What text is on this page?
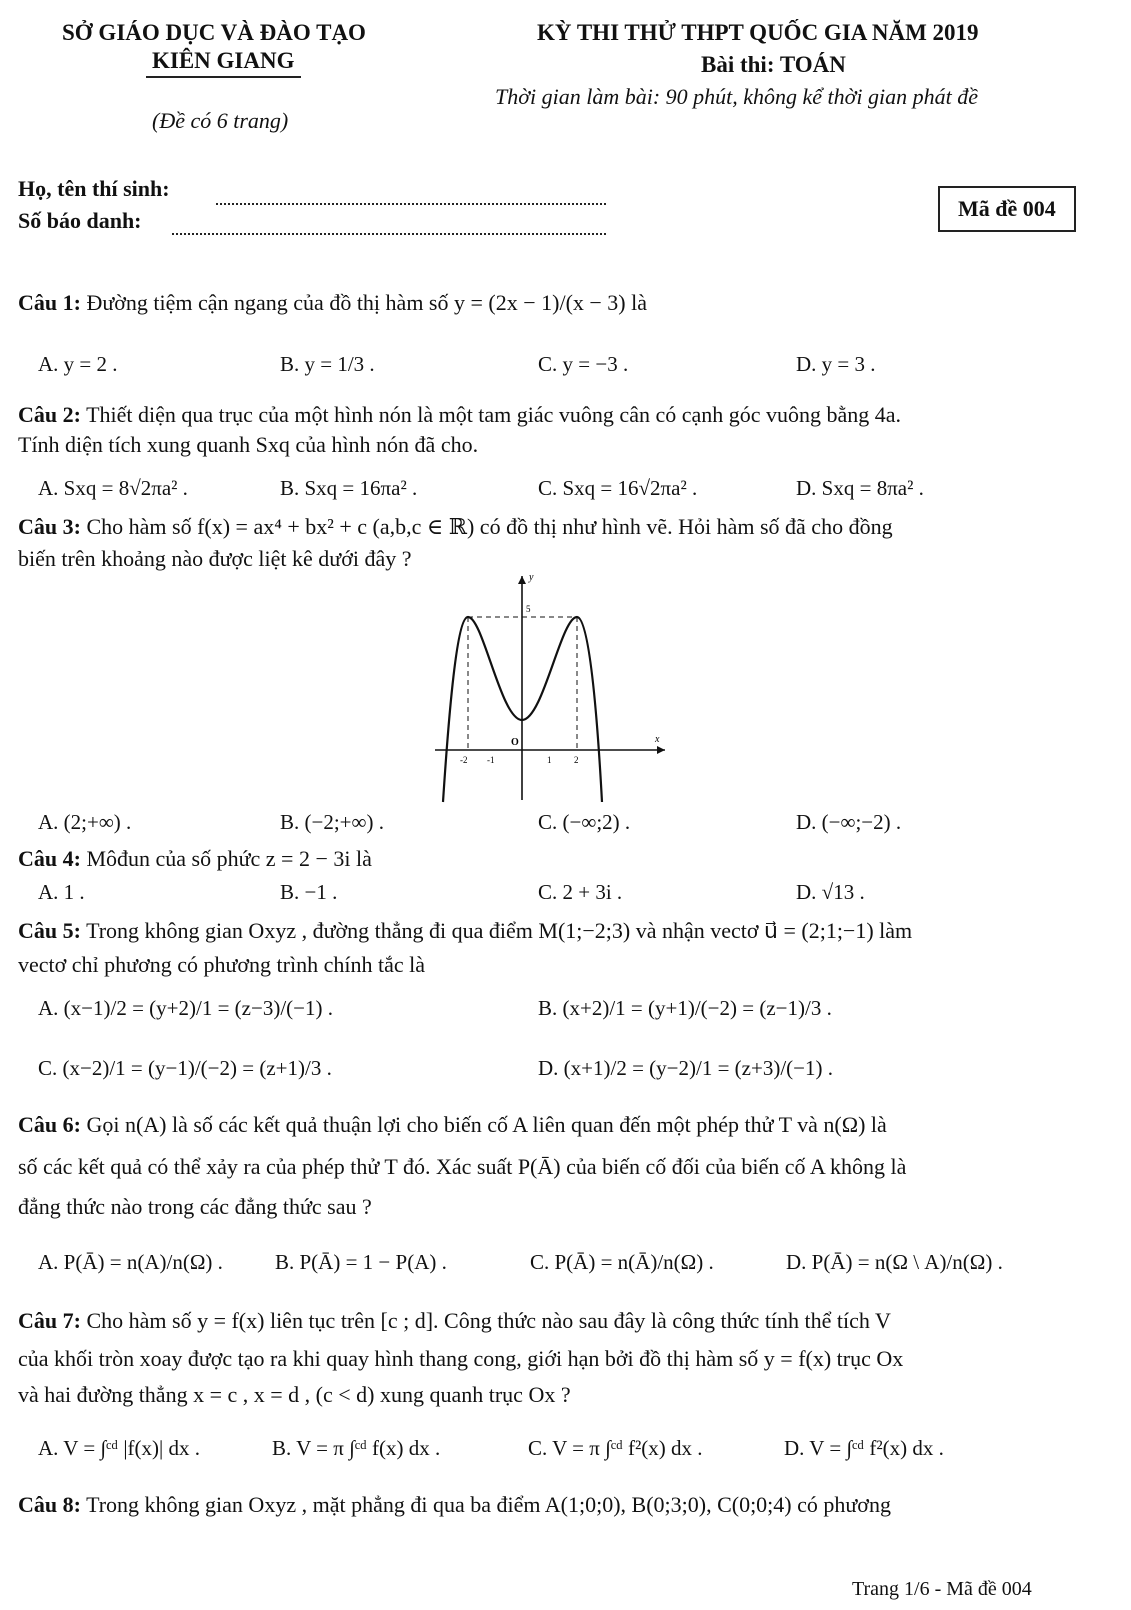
SỞ GIÁO DỤC VÀ ĐÀO TẠO
KIÊN GIANG
(Đề có 6 trang)
KỲ THI THỬ THPT QUỐC GIA NĂM 2019
Bài thi: TOÁN
Thời gian làm bài: 90 phút, không kể thời gian phát đề
Họ, tên thí sinh:
Số báo danh:	Mã đề 004
Câu 1: Đường tiệm cận ngang của đồ thị hàm số y = (2x − 1)/(x − 3) là
A. y = 2 .	B. y = 1/3 .	C. y = −3 .	D. y = 3 .
Câu 2: Thiết diện qua trục của một hình nón là một tam giác vuông cân có cạnh góc vuông bằng 4a.
Tính diện tích xung quanh Sxq của hình nón đã cho.
A. Sxq = 8√2πa² .	B. Sxq = 16πa² .	C. Sxq = 16√2πa² .	D. Sxq = 8πa² .
Câu 3: Cho hàm số f(x) = ax⁴ + bx² + c (a,b,c ∈ ℝ) có đồ thị như hình vẽ. Hỏi hàm số đã cho đồng
biến trên khoảng nào được liệt kê dưới đây ?
y
x
O
5
-2 -1	1	2
A. (2;+∞) .	B. (−2;+∞) .	C. (−∞;2) .	D. (−∞;−2) .
Câu 4: Môđun của số phức z = 2 − 3i là
A. 1 .	B. −1 .	C. 2 + 3i .	D. √13 .
Câu 5: Trong không gian Oxyz , đường thẳng đi qua điểm M(1;−2;3) và nhận vectơ u⃗ = (2;1;−1) làm
vectơ chỉ phương có phương trình chính tắc là
A. (x−1)/2 = (y+2)/1 = (z−3)/(−1) .	B. (x+2)/1 = (y+1)/(−2) = (z−1)/3 .
C. (x−2)/1 = (y−1)/(−2) = (z+1)/3 .	D. (x+1)/2 = (y−2)/1 = (z+3)/(−1) .
Câu 6: Gọi n(A) là số các kết quả thuận lợi cho biến cố A liên quan đến một phép thử T và n(Ω) là
số các kết quả có thể xảy ra của phép thử T đó. Xác suất P(Ā) của biến cố đối của biến cố A không là
đẳng thức nào trong các đẳng thức sau ?
A. P(Ā) = n(A)/n(Ω) . B. P(Ā) = 1 − P(A) .	C. P(Ā) = n(Ā)/n(Ω) .	D. P(Ā) = n(Ω \ A)/n(Ω) .
Câu 7: Cho hàm số y = f(x) liên tục trên [c ; d]. Công thức nào sau đây là công thức tính thể tích V
của khối tròn xoay được tạo ra khi quay hình thang cong, giới hạn bởi đồ thị hàm số y = f(x) trục Ox
và hai đường thẳng x = c , x = d , (c < d) xung quanh trục Ox ?
A. V = ∫ᶜᵈ |f(x)| dx .	B. V = π ∫ᶜᵈ f(x) dx .	C. V = π ∫ᶜᵈ f²(x) dx .	D. V = ∫ᶜᵈ f²(x) dx .
Câu 8: Trong không gian Oxyz , mặt phẳng đi qua ba điểm A(1;0;0), B(0;3;0), C(0;0;4) có phương
Trang 1/6 - Mã đề 004
